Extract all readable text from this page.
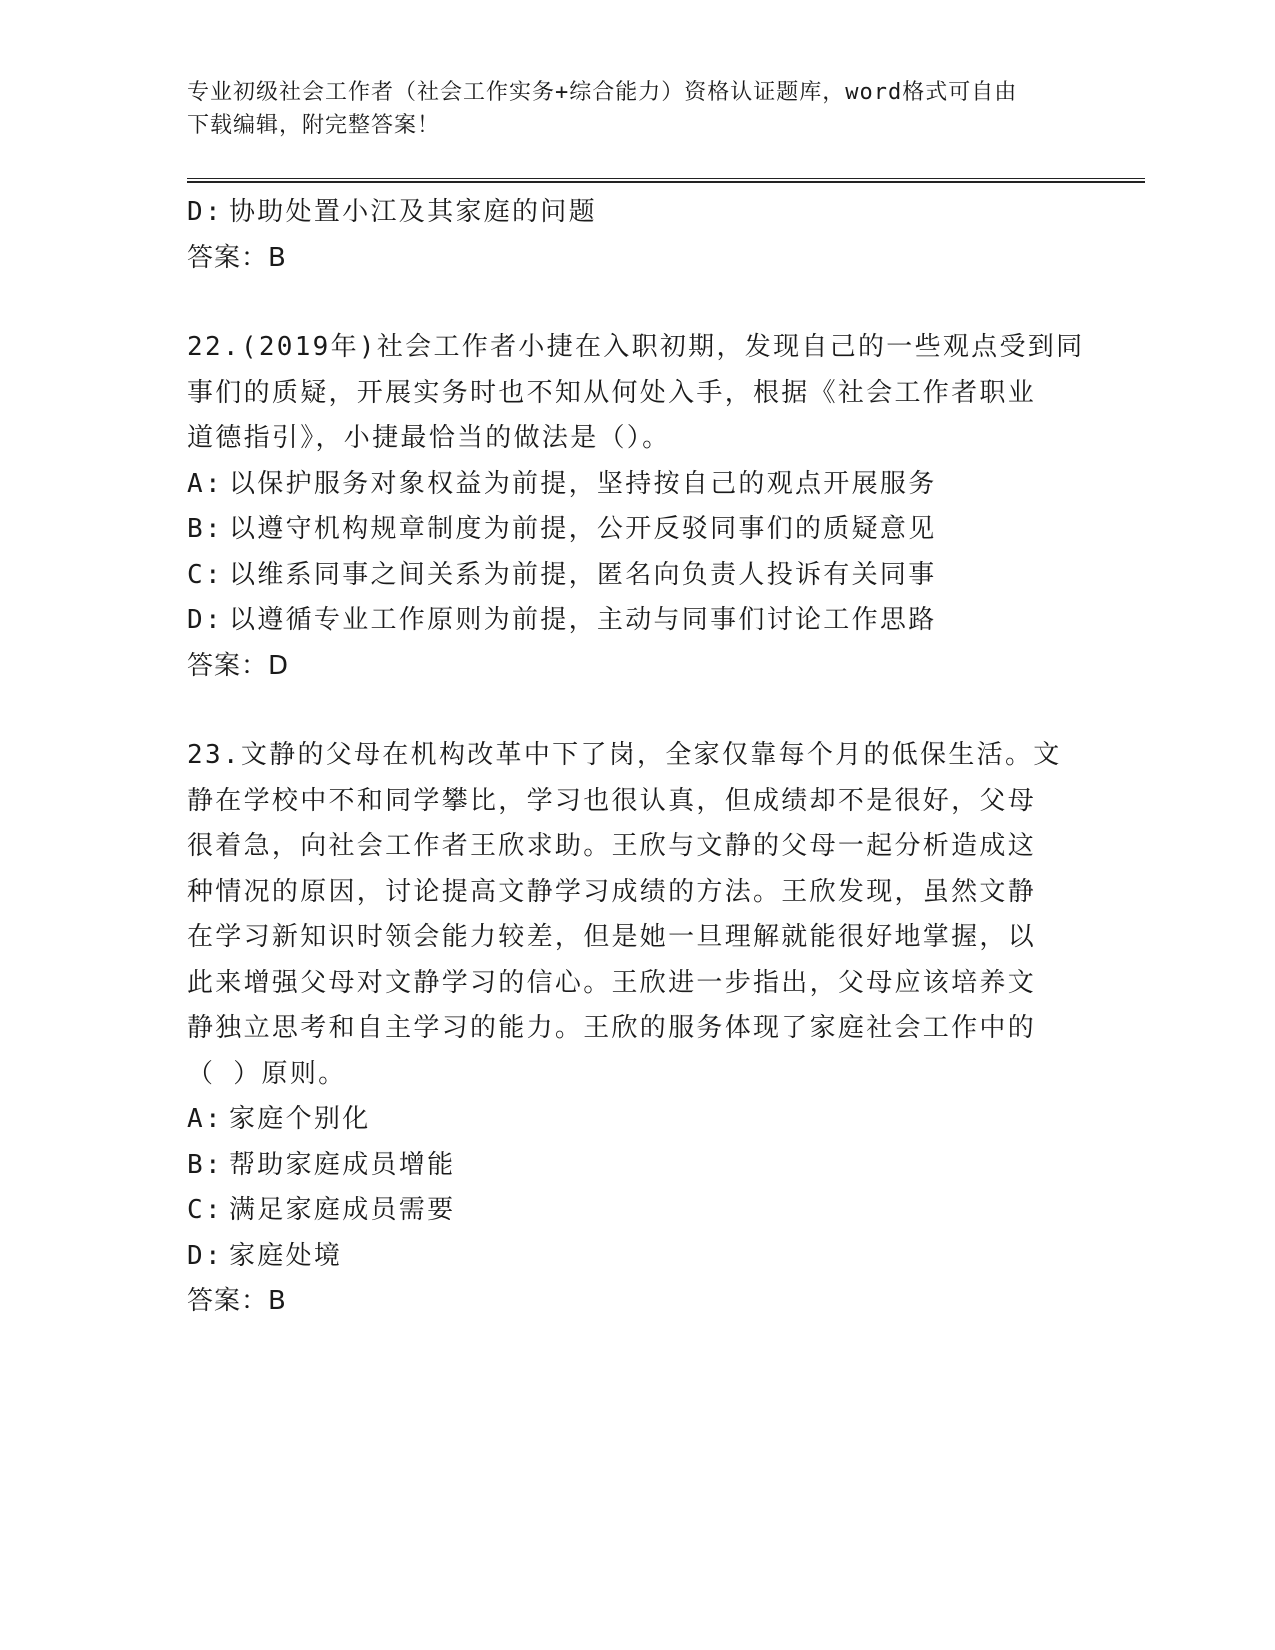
专业初级社会工作者（社会工作实务+综合能力）资格认证题库，word格式可自由
下载编辑，附完整答案！
D: 协助处置小江及其家庭的问题
答案：B
22.(2019年)社会工作者小捷在入职初期，发现自己的一些观点受到同
事们的质疑，开展实务时也不知从何处入手，根据《社会工作者职业
道德指引》，小捷最恰当的做法是（）。
A: 以保护服务对象权益为前提，坚持按自己的观点开展服务
B: 以遵守机构规章制度为前提，公开反驳同事们的质疑意见
C: 以维系同事之间关系为前提，匿名向负责人投诉有关同事
D: 以遵循专业工作原则为前提，主动与同事们讨论工作思路
答案：D
23.文静的父母在机构改革中下了岗，全家仅靠每个月的低保生活。文
静在学校中不和同学攀比，学习也很认真，但成绩却不是很好，父母
很着急，向社会工作者王欣求助。王欣与文静的父母一起分析造成这
种情况的原因，讨论提高文静学习成绩的方法。王欣发现，虽然文静
在学习新知识时领会能力较差，但是她一旦理解就能很好地掌握，以
此来增强父母对文静学习的信心。王欣进一步指出，父母应该培养文
静独立思考和自主学习的能力。王欣的服务体现了家庭社会工作中的
（ ）原则。
A: 家庭个别化
B: 帮助家庭成员增能
C: 满足家庭成员需要
D: 家庭处境
答案：B
